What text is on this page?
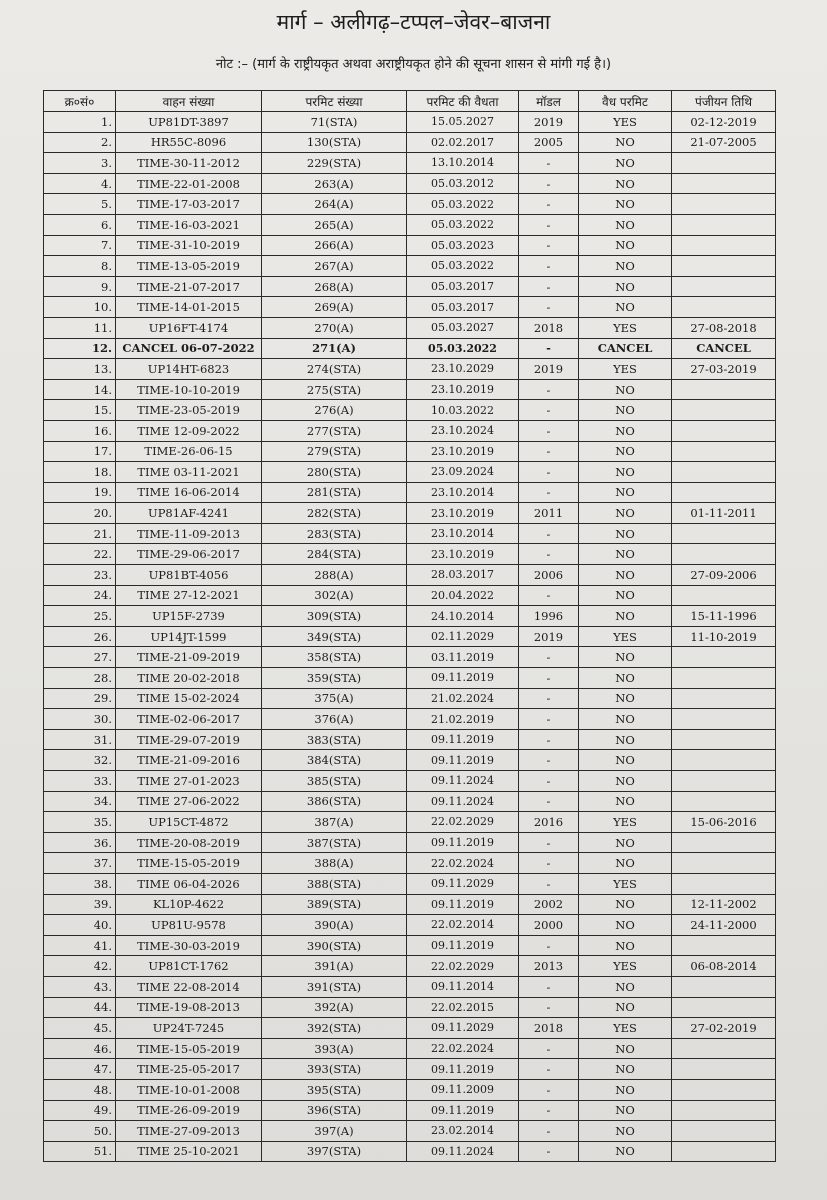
मार्ग – अलीगढ़–टप्पल–जेवर–बाजना
नोट :– (मार्ग के राष्ट्रीयकृत अथवा अराष्ट्रीयकृत होने की सूचना शासन से मांगी गई है।)
क्र०सं०	वाहन संख्या	परमिट संख्या	परमिट की वैधता	मॉडल	वैध परमिट	पंजीयन तिथि
1.	UP81DT-3897	71(STA)	15.05.2027	2019	YES	02-12-2019
2.	HR55C-8096	130(STA)	02.02.2017	2005	NO	21-07-2005
3.	TIME-30-11-2012	229(STA)	13.10.2014	-	NO	
4.	TIME-22-01-2008	263(A)	05.03.2012	-	NO	
5.	TIME-17-03-2017	264(A)	05.03.2022	-	NO	
6.	TIME-16-03-2021	265(A)	05.03.2022	-	NO	
7.	TIME-31-10-2019	266(A)	05.03.2023	-	NO	
8.	TIME-13-05-2019	267(A)	05.03.2022	-	NO	
9.	TIME-21-07-2017	268(A)	05.03.2017	-	NO	
10.	TIME-14-01-2015	269(A)	05.03.2017	-	NO	
11.	UP16FT-4174	270(A)	05.03.2027	2018	YES	27-08-2018
12.	CANCEL 06-07-2022	271(A)	05.03.2022	-	CANCEL	CANCEL
13.	UP14HT-6823	274(STA)	23.10.2029	2019	YES	27-03-2019
14.	TIME-10-10-2019	275(STA)	23.10.2019	-	NO	
15.	TIME-23-05-2019	276(A)	10.03.2022	-	NO	
16.	TIME 12-09-2022	277(STA)	23.10.2024	-	NO	
17.	TIME-26-06-15	279(STA)	23.10.2019	-	NO	
18.	TIME 03-11-2021	280(STA)	23.09.2024	-	NO	
19.	TIME 16-06-2014	281(STA)	23.10.2014	-	NO	
20.	UP81AF-4241	282(STA)	23.10.2019	2011	NO	01-11-2011
21.	TIME-11-09-2013	283(STA)	23.10.2014	-	NO	
22.	TIME-29-06-2017	284(STA)	23.10.2019	-	NO	
23.	UP81BT-4056	288(A)	28.03.2017	2006	NO	27-09-2006
24.	TIME 27-12-2021	302(A)	20.04.2022	-	NO	
25.	UP15F-2739	309(STA)	24.10.2014	1996	NO	15-11-1996
26.	UP14JT-1599	349(STA)	02.11.2029	2019	YES	11-10-2019
27.	TIME-21-09-2019	358(STA)	03.11.2019	-	NO	
28.	TIME 20-02-2018	359(STA)	09.11.2019	-	NO	
29.	TIME 15-02-2024	375(A)	21.02.2024	-	NO	
30.	TIME-02-06-2017	376(A)	21.02.2019	-	NO	
31.	TIME-29-07-2019	383(STA)	09.11.2019	-	NO	
32.	TIME-21-09-2016	384(STA)	09.11.2019	-	NO	
33.	TIME 27-01-2023	385(STA)	09.11.2024	-	NO	
34.	TIME 27-06-2022	386(STA)	09.11.2024	-	NO	
35.	UP15CT-4872	387(A)	22.02.2029	2016	YES	15-06-2016
36.	TIME-20-08-2019	387(STA)	09.11.2019	-	NO	
37.	TIME-15-05-2019	388(A)	22.02.2024	-	NO	
38.	TIME 06-04-2026	388(STA)	09.11.2029	-	YES	
39.	KL10P-4622	389(STA)	09.11.2019	2002	NO	12-11-2002
40.	UP81U-9578	390(A)	22.02.2014	2000	NO	24-11-2000
41.	TIME-30-03-2019	390(STA)	09.11.2019	-	NO	
42.	UP81CT-1762	391(A)	22.02.2029	2013	YES	06-08-2014
43.	TIME 22-08-2014	391(STA)	09.11.2014	-	NO	
44.	TIME-19-08-2013	392(A)	22.02.2015	-	NO	
45.	UP24T-7245	392(STA)	09.11.2029	2018	YES	27-02-2019
46.	TIME-15-05-2019	393(A)	22.02.2024	-	NO	
47.	TIME-25-05-2017	393(STA)	09.11.2019	-	NO	
48.	TIME-10-01-2008	395(STA)	09.11.2009	-	NO	
49.	TIME-26-09-2019	396(STA)	09.11.2019	-	NO	
50.	TIME-27-09-2013	397(A)	23.02.2014	-	NO	
51.	TIME 25-10-2021	397(STA)	09.11.2024	-	NO	
